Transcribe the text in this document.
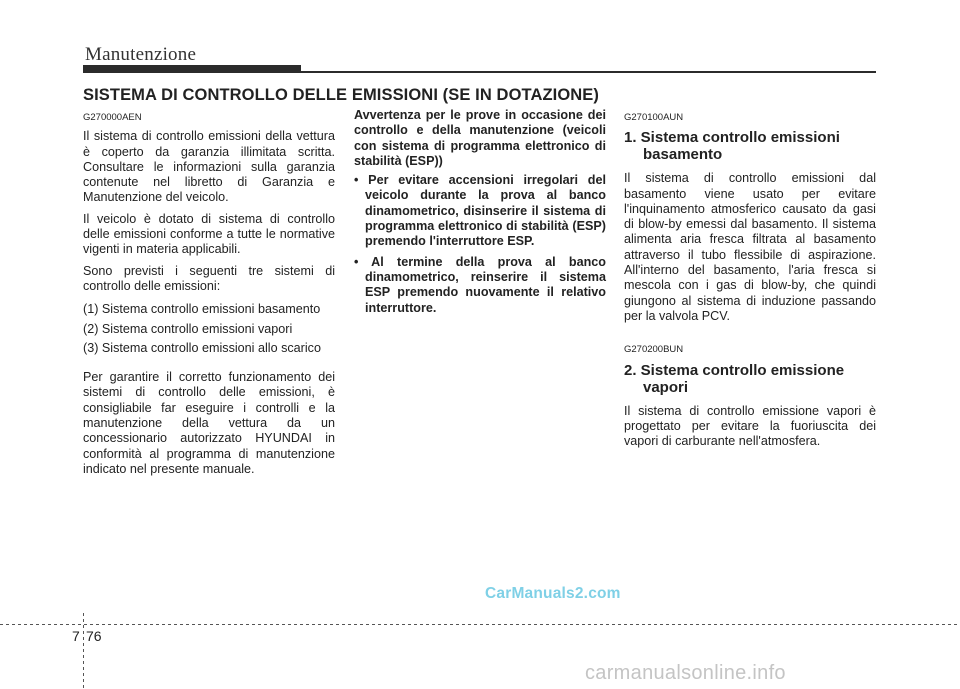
Manutenzione
SISTEMA DI CONTROLLO DELLE EMISSIONI (SE IN DOTAZIONE)
G270000AEN

Il sistema di controllo emissioni della vettura è coperto da garanzia illimitata scritta. Consultare le informazioni sulla garanzia contenute nel libretto di Garanzia e Manutenzione del veicolo.

Il veicolo è dotato di sistema di controllo delle emissioni conforme a tutte le normative vigenti in materia applicabili.

Sono previsti i seguenti tre sistemi di controllo delle emissioni:

(1) Sistema controllo emissioni basamento
(2) Sistema controllo emissioni vapori
(3) Sistema controllo emissioni allo scarico

Per garantire il corretto funzionamento dei sistemi di controllo delle emissioni, è consigliabile far eseguire i controlli e la manutenzione della vettura da un concessionario autorizzato HYUNDAI in conformità al programma di manutenzione indicato nel presente manuale.

Avvertenza per le prove in occasione dei controllo e della manutenzione (veicoli con sistema di programma elettronico di stabilità (ESP))

• Per evitare accensioni irregolari del veicolo durante la prova al banco dinamometrico, disinserire il sistema di programma elettronico di stabilità (ESP) premendo l'interruttore ESP.
• Al termine della prova al banco dinamometrico, reinserire il sistema ESP premendo nuovamente il relativo interruttore.
G270100AUN
1. Sistema controllo emissioni basamento

Il sistema di controllo emissioni dal basamento viene usato per evitare l'inquinamento atmosferico causato da gasi di blow-by emessi dal basamento. Il sistema alimenta aria fresca filtrata al basamento attraverso il tubo flessibile di aspirazione. All'interno del basamento, l'aria fresca si mescola con i gas di blow-by, che quindi giungono al sistema di induzione passando per la valvola PCV.

G270200BUN
2. Sistema controllo emissione vapori

Il sistema di controllo emissione vapori è progettato per evitare la fuoriuscita dei vapori di carburante nell'atmosfera.

CarManuals2.com
7 76
carmanualsonline.info
